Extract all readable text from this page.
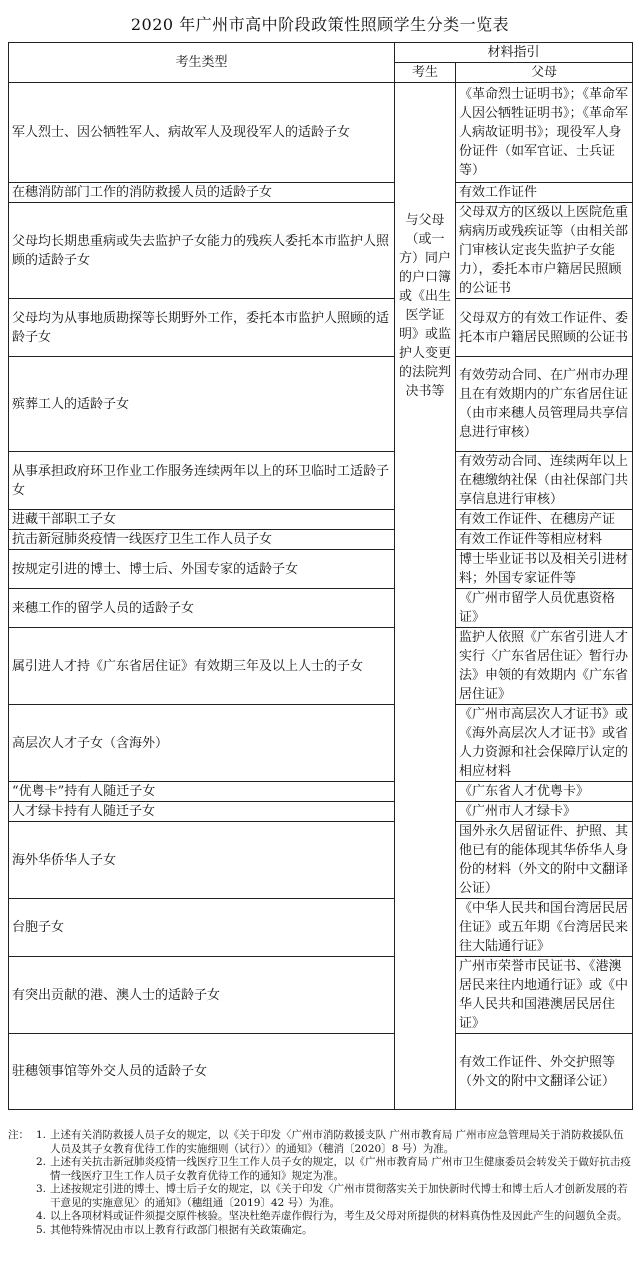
2020 年广州市高中阶段政策性照顾学生分类一览表
考生类型	材料指引	
	考生	父母
军人烈士、因公牺牲军人、病故军人及现役军人的适龄子女	与父母（或一方）同户的户口簿或《出生医学证明》或监护人变更的法院判决书等	《革命烈士证明书》；《革命军人因公牺牲证明书》；《革命军人病故证明书》；现役军人身份证件（如军官证、士兵证等）
在穗消防部门工作的消防救援人员的适龄子女		有效工作证件
父母均长期患重病或失去监护子女能力的残疾人委托本市监护人照顾的适龄子女		父母双方的区级以上医院危重病病历或残疾证等（由相关部门审核认定丧失监护子女能力），委托本市户籍居民照顾的公证书
父母均为从事地质勘探等长期野外工作，委托本市监护人照顾的适龄子女		父母双方的有效工作证件、委托本市户籍居民照顾的公证书
殡葬工人的适龄子女		有效劳动合同、在广州市办理且在有效期内的广东省居住证（由市来穗人员管理局共享信息进行审核）
从事承担政府环卫作业工作服务连续两年以上的环卫临时工适龄子女		有效劳动合同、连续两年以上在穗缴纳社保（由社保部门共享信息进行审核）
进藏干部职工子女		有效工作证件、在穗房产证
抗击新冠肺炎疫情一线医疗卫生工作人员子女		有效工作证件等相应材料
按规定引进的博士、博士后、外国专家的适龄子女		博士毕业证书以及相关引进材料；外国专家证件等
来穗工作的留学人员的适龄子女		《广州市留学人员优惠资格证》
属引进人才持《广东省居住证》有效期三年及以上人士的子女		监护人依照《广东省引进人才实行〈广东省居住证〉暂行办法》申领的有效期内《广东省居住证》
高层次人才子女（含海外）		《广州市高层次人才证书》或《海外高层次人才证书》或省人力资源和社会保障厅认定的相应材料
“优粤卡”持有人随迁子女		《广东省人才优粤卡》
人才绿卡持有人随迁子女		《广州市人才绿卡》
海外华侨华人子女		国外永久居留证件、护照、其他已有的能体现其华侨华人身份的材料（外文的附中文翻译公证）
台胞子女		《中华人民共和国台湾居民居住证》或五年期《台湾居民来往大陆通行证》
有突出贡献的港、澳人士的适龄子女		广州市荣誉市民证书、《港澳居民来往内地通行证》或《中华人民共和国港澳居民居住证》
驻穗领事馆等外交人员的适龄子女		有效工作证件、外交护照等（外文的附中文翻译公证）
注： 1. 上述有关消防救援人员子女的规定，以《关于印发〈广州市消防救援支队 广州市教育局 广州市应急管理局关于消防救援队伍人员及其子女教育优待工作的实施细则（试行）〉的通知》（穗消〔2020〕8 号）为准。
2. 上述有关抗击新冠肺炎疫情一线医疗卫生工作人员子女的规定，以《广州市教育局 广州市卫生健康委员会转发关于做好抗击疫情一线医疗卫生工作人员子女教育优待工作的通知》规定为准。
3. 上述按规定引进的博士、博士后子女的规定，以《关于印发〈广州市贯彻落实关于加快新时代博士和博士后人才创新发展的若干意见的实施意见〉的通知》（穗组通〔2019〕42 号）为准。
4. 以上各项材料或证件须提交原件核验。坚决杜绝弄虚作假行为，考生及父母对所提供的材料真伪性及因此产生的问题负全责。
5. 其他特殊情况由市以上教育行政部门根据有关政策确定。
